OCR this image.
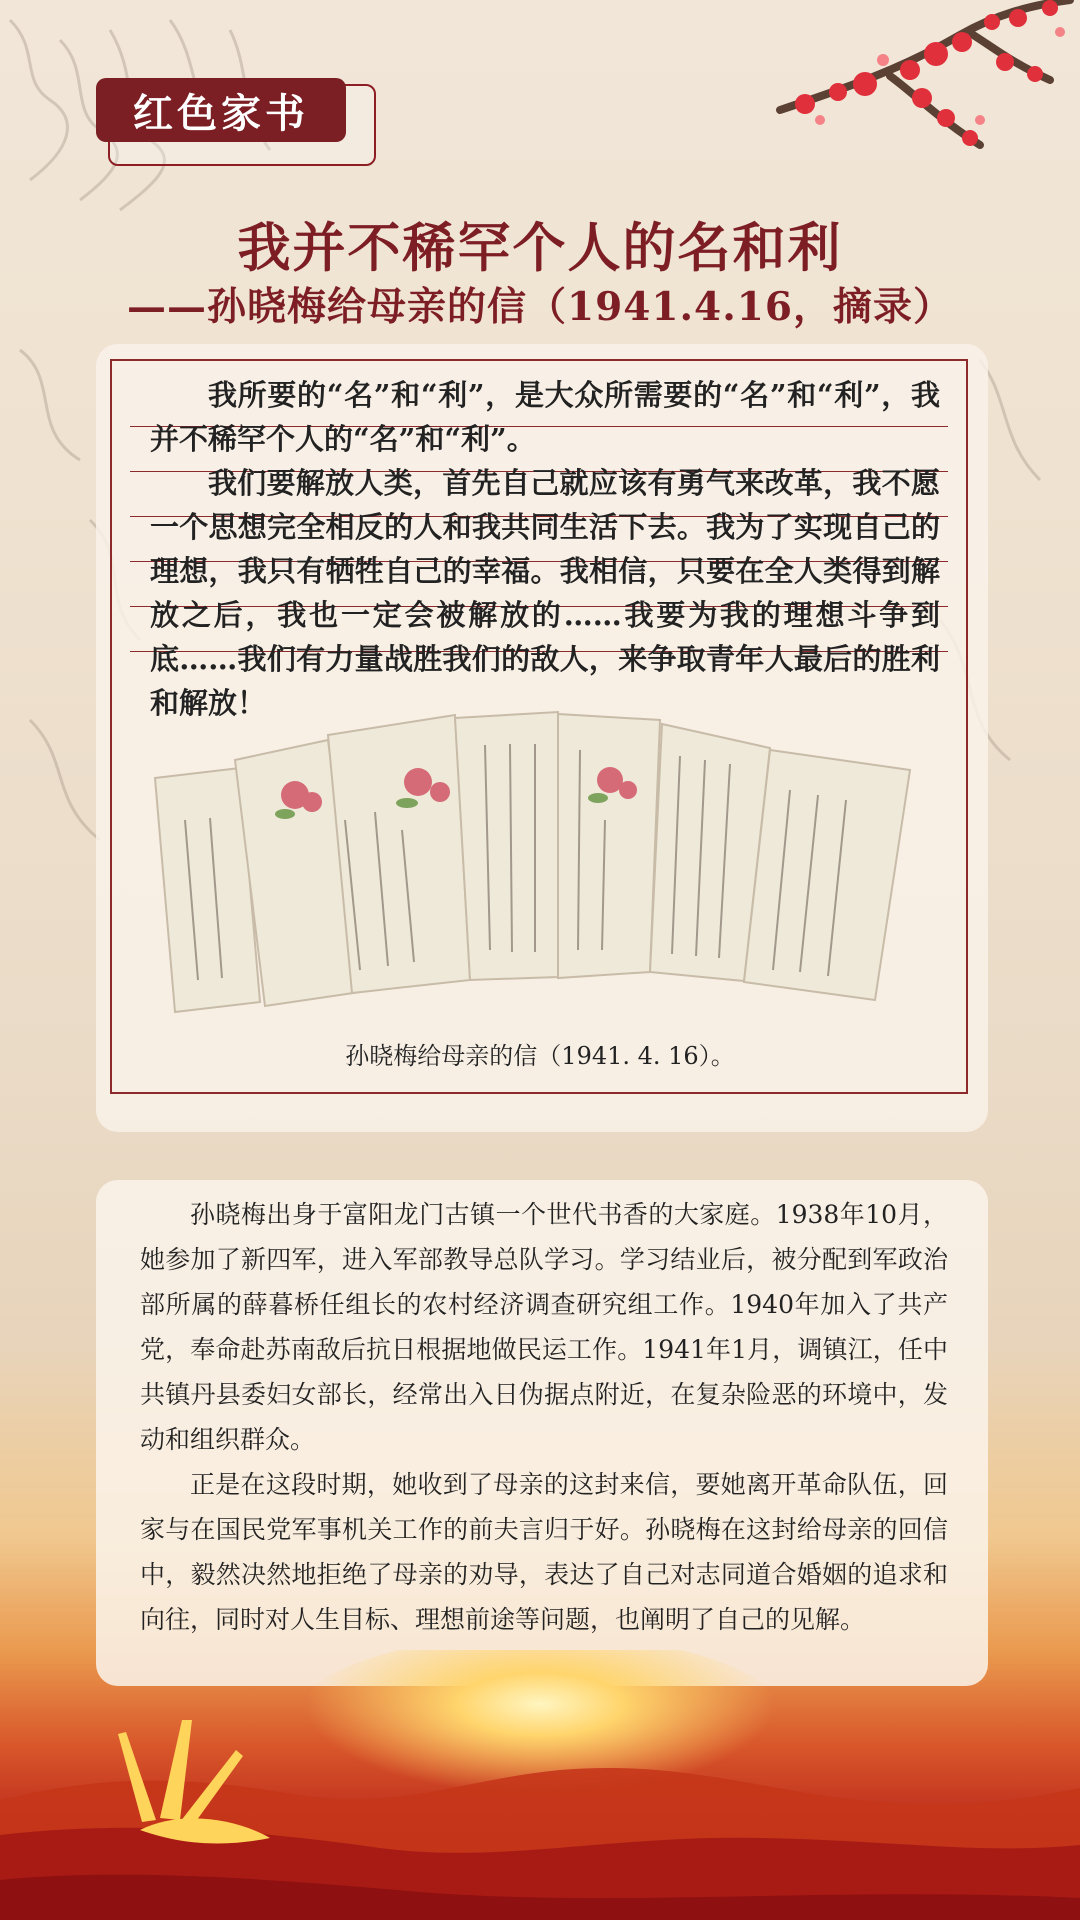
红色家书
我并不稀罕个人的名和利
——孙晓梅给母亲的信（1941.4.16，摘录）

我所要的“名”和“利”，是大众所需要的“名”和“利”，我并不稀罕个人的“名”和“利”。

我们要解放人类，首先自己就应该有勇气来改革，我不愿一个思想完全相反的人和我共同生活下去。我为了实现自己的理想，我只有牺牲自己的幸福。我相信，只要在全人类得到解放之后，我也一定会被解放的……我要为我的理想斗争到底……我们有力量战胜我们的敌人，来争取青年人最后的胜利和解放！

孙晓梅给母亲的信（1941. 4. 16）。

孙晓梅出身于富阳龙门古镇一个世代书香的大家庭。1938年10月，她参加了新四军，进入军部教导总队学习。学习结业后，被分配到军政治部所属的薛暮桥任组长的农村经济调查研究组工作。1940年加入了共产党，奉命赴苏南敌后抗日根据地做民运工作。1941年1月，调镇江，任中共镇丹县委妇女部长，经常出入日伪据点附近，在复杂险恶的环境中，发动和组织群众。

正是在这段时期，她收到了母亲的这封来信，要她离开革命队伍，回家与在国民党军事机关工作的前夫言归于好。孙晓梅在这封给母亲的回信中，毅然决然地拒绝了母亲的劝导，表达了自己对志同道合婚姻的追求和向往，同时对人生目标、理想前途等问题，也阐明了自己的见解。
